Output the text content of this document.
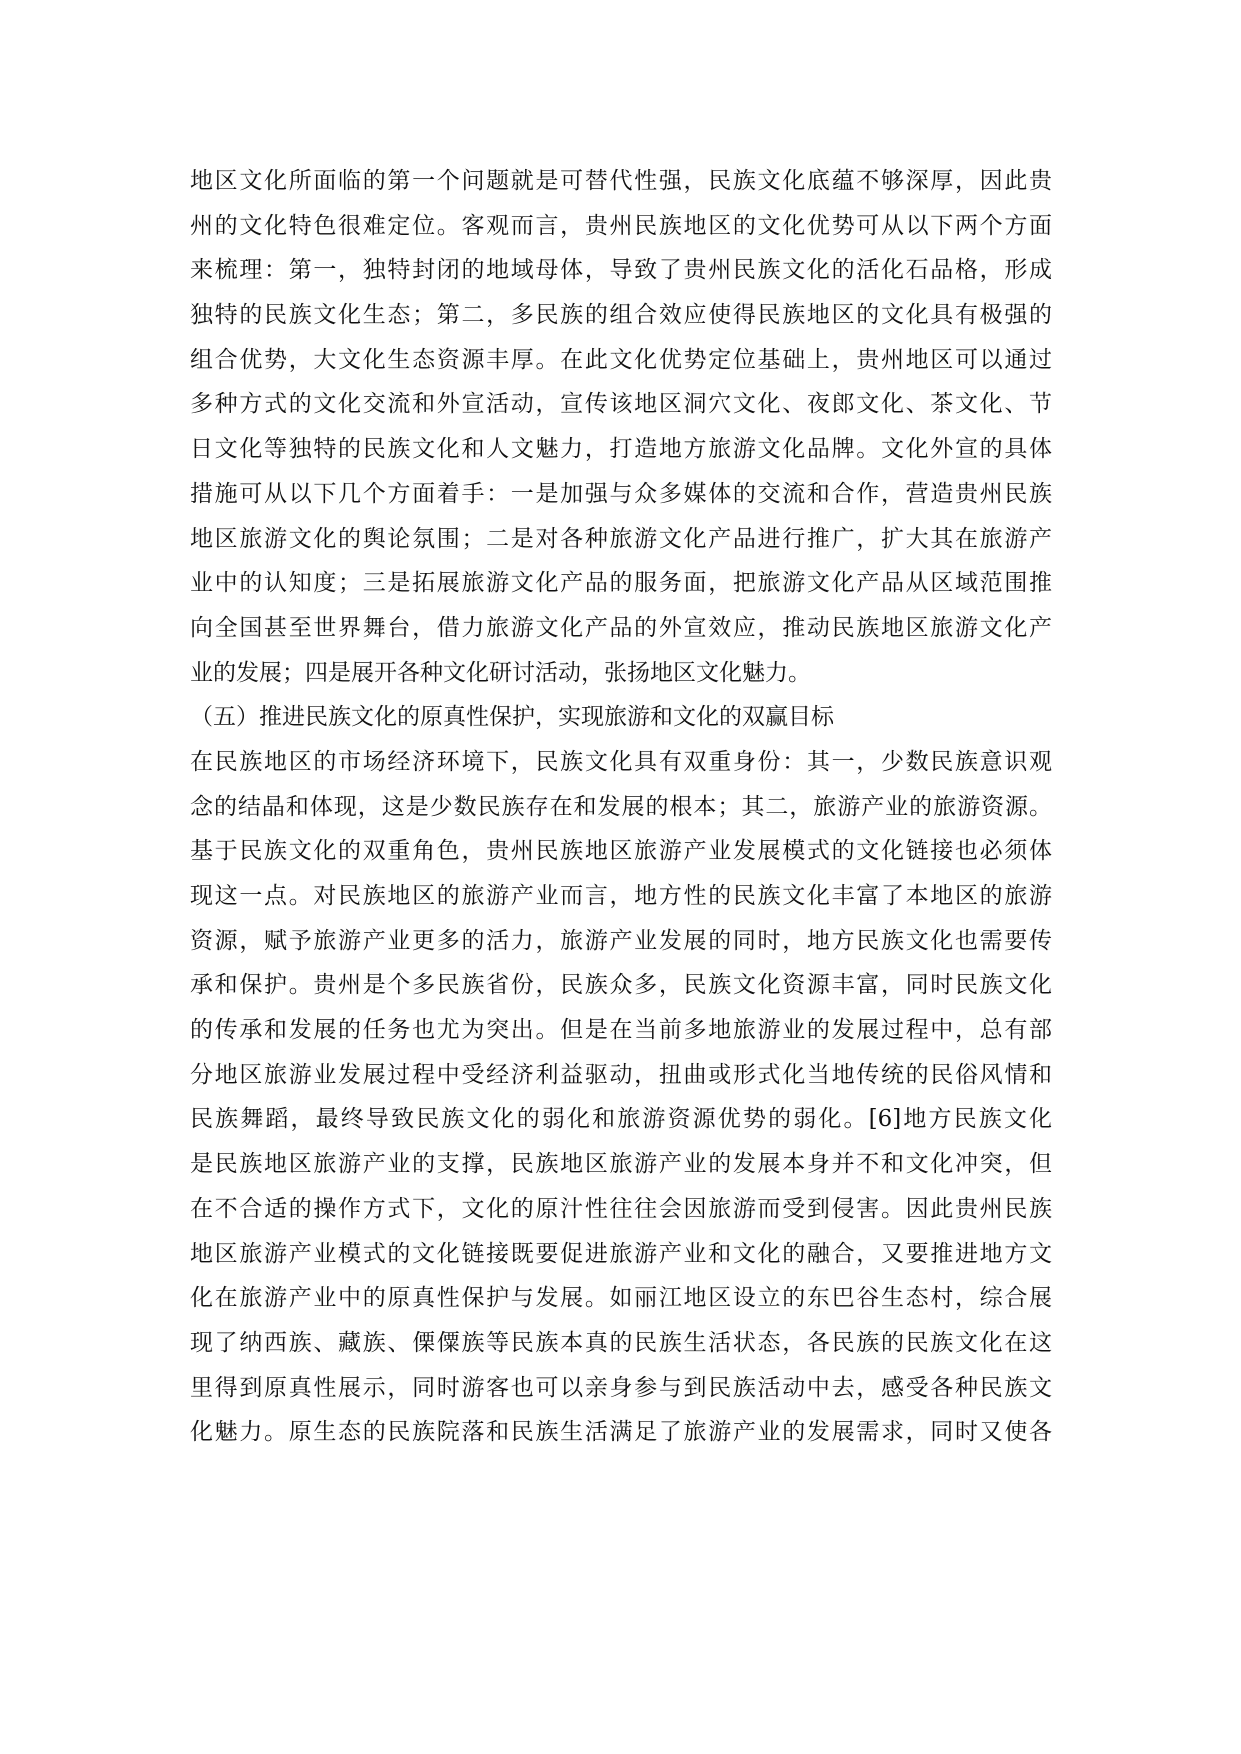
地区文化所面临的第一个问题就是可替代性强，民族文化底蕴不够深厚，因此贵
州的文化特色很难定位。客观而言，贵州民族地区的文化优势可从以下两个方面
来梳理：第一，独特封闭的地域母体，导致了贵州民族文化的活化石品格，形成
独特的民族文化生态；第二，多民族的组合效应使得民族地区的文化具有极强的
组合优势，大文化生态资源丰厚。在此文化优势定位基础上，贵州地区可以通过
多种方式的文化交流和外宣活动，宣传该地区洞穴文化、夜郎文化、茶文化、节
日文化等独特的民族文化和人文魅力，打造地方旅游文化品牌。文化外宣的具体
措施可从以下几个方面着手：一是加强与众多媒体的交流和合作，营造贵州民族
地区旅游文化的舆论氛围；二是对各种旅游文化产品进行推广，扩大其在旅游产
业中的认知度；三是拓展旅游文化产品的服务面，把旅游文化产品从区域范围推
向全国甚至世界舞台，借力旅游文化产品的外宣效应，推动民族地区旅游文化产
业的发展；四是展开各种文化研讨活动，张扬地区文化魅力。
（五）推进民族文化的原真性保护，实现旅游和文化的双赢目标
在民族地区的市场经济环境下，民族文化具有双重身份：其一，少数民族意识观
念的结晶和体现，这是少数民族存在和发展的根本；其二，旅游产业的旅游资源。
基于民族文化的双重角色，贵州民族地区旅游产业发展模式的文化链接也必须体
现这一点。对民族地区的旅游产业而言，地方性的民族文化丰富了本地区的旅游
资源，赋予旅游产业更多的活力，旅游产业发展的同时，地方民族文化也需要传
承和保护。贵州是个多民族省份，民族众多，民族文化资源丰富，同时民族文化
的传承和发展的任务也尤为突出。但是在当前多地旅游业的发展过程中，总有部
分地区旅游业发展过程中受经济利益驱动，扭曲或形式化当地传统的民俗风情和
民族舞蹈，最终导致民族文化的弱化和旅游资源优势的弱化。[6]地方民族文化
是民族地区旅游产业的支撑，民族地区旅游产业的发展本身并不和文化冲突，但
在不合适的操作方式下，文化的原汁性往往会因旅游而受到侵害。因此贵州民族
地区旅游产业模式的文化链接既要促进旅游产业和文化的融合，又要推进地方文
化在旅游产业中的原真性保护与发展。如丽江地区设立的东巴谷生态村，综合展
现了纳西族、藏族、傈僳族等民族本真的民族生活状态，各民族的民族文化在这
里得到原真性展示，同时游客也可以亲身参与到民族活动中去，感受各种民族文
化魅力。原生态的民族院落和民族生活满足了旅游产业的发展需求，同时又使各
